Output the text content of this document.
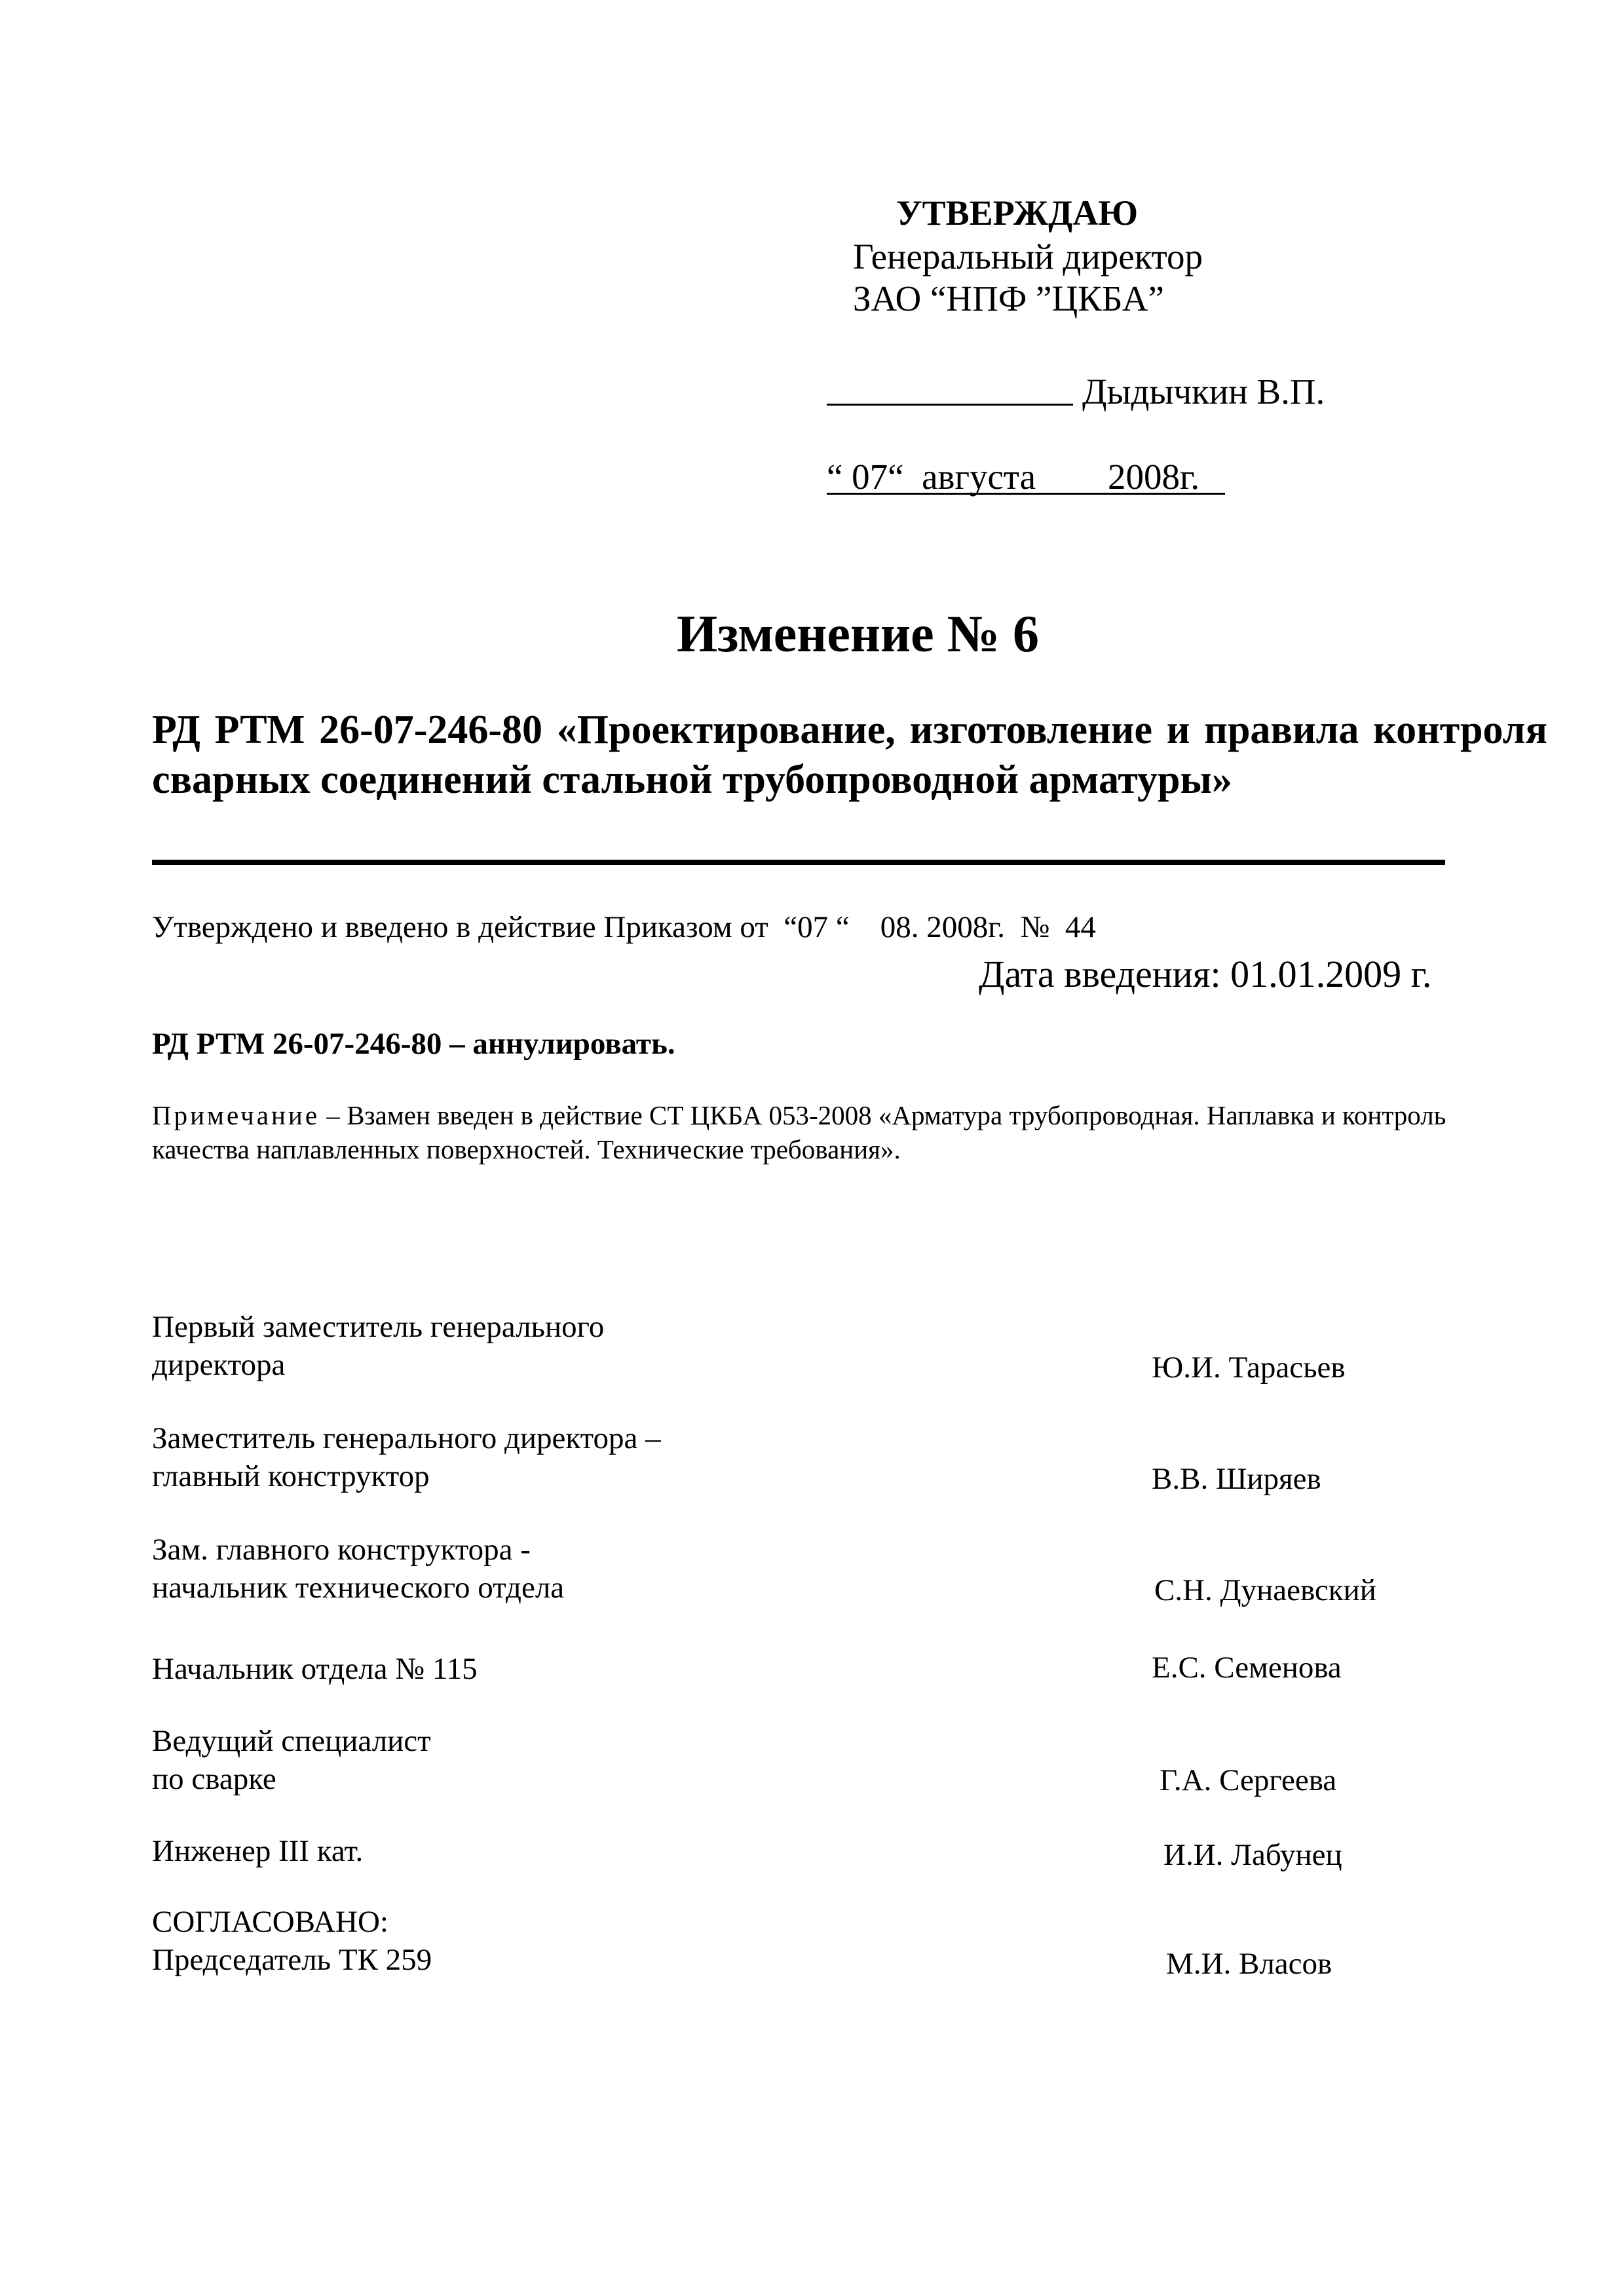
УТВЕРЖДАЮ
Генеральный директор
ЗАО “НПФ ”ЦКБА”
Дыдычкин В.П.
“ 07“  августа        2008г.
Изменение № 6
РД РТМ 26-07-246-80 «Проектирование, изготовление и правила контроля сварных соединений стальной трубопроводной арматуры»
Утверждено и введено в действие Приказом от  “07 “    08. 2008г.  №  44
Дата введения: 01.01.2009 г.
РД РТМ 26-07-246-80 – аннулировать.
Примечание – Взамен введен в действие СТ ЦКБА 053-2008 «Арматура трубопроводная. Наплавка и контроль
качества наплавленных поверхностей. Технические требования».
Первый заместитель генерального
директора	Ю.И. Тарасьев
Заместитель генерального директора –
главный конструктор	В.В. Ширяев
Зам. главного конструктора -
начальник технического отдела	С.Н. Дунаевский
Начальник отдела № 115	Е.С. Семенова
Ведущий специалист
по сварке	Г.А. Сергеева
Инженер III кат.	И.И. Лабунец
СОГЛАСОВАНО:
Председатель ТК 259	М.И. Власов
